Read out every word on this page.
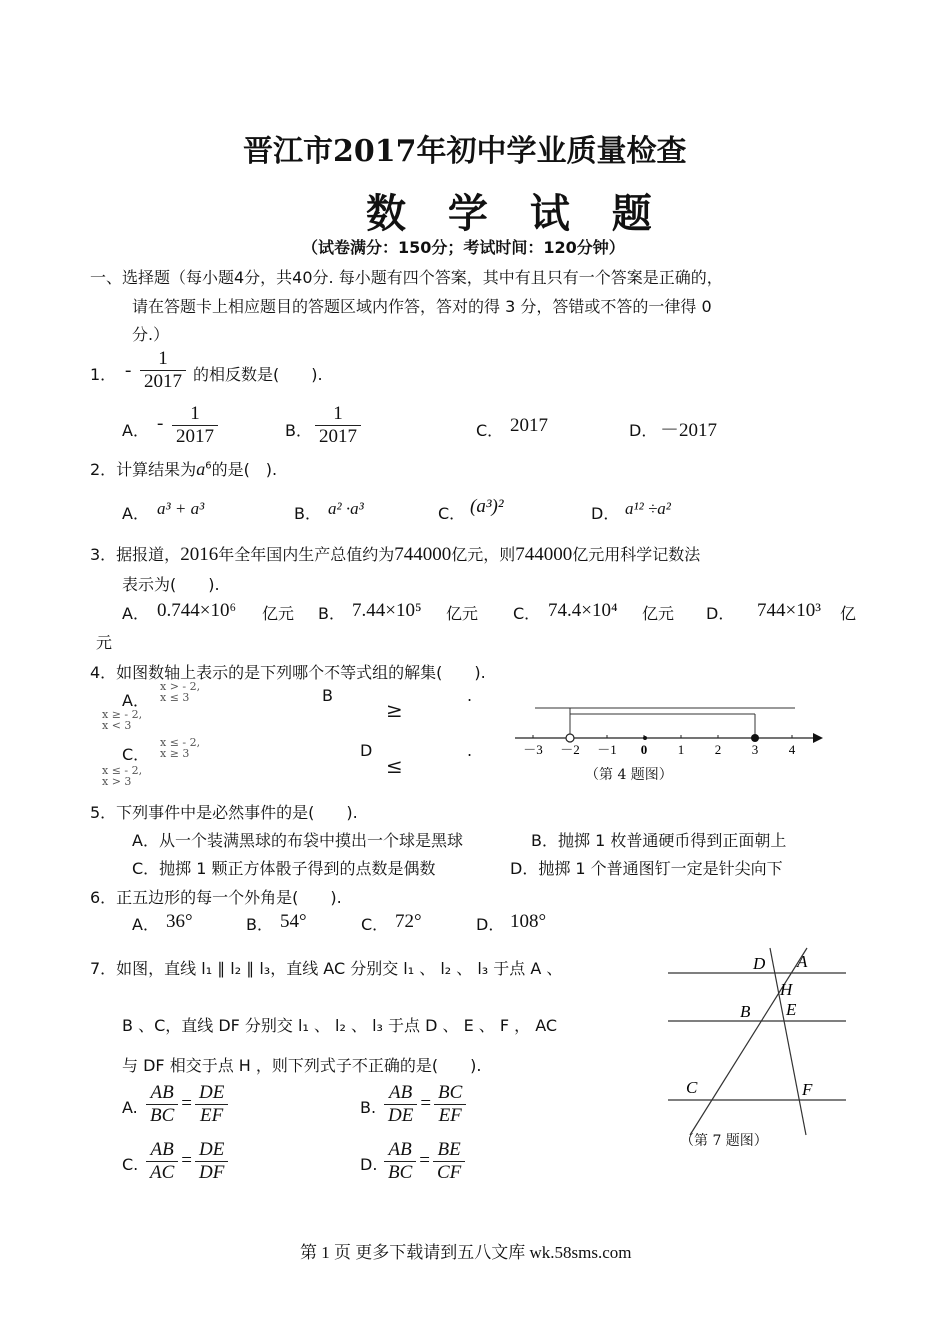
晋江市2017年初中学业质量检查
数 学 试 题
（试卷满分：150分；考试时间：120分钟）
一、选择题（每小题4分，共40分. 每小题有四个答案，其中有且只有一个答案是正确的，
请在答题卡上相应题目的答题区域内作答，答对的得 3 分，答错或不答的一律得 0
分.）
1． - $\frac{1}{2017}$ 的相反数是(　　).
A． - $\frac{1}{2017}$	B． $\frac{1}{2017}$	C． 2017	D． －2017
2．计算结果为$a^6$的是(　).
A． a³ + a³	B． a² ·a³	C． (a³)²	D． a¹² ÷a²
3．据报道，2016年全年国内生产总值约为744000亿元，则744000亿元用科学记数法
表示为(　　).
A． 0.744×10⁶ 亿元 B． 7.44×10⁵ 亿元 C． 74.4×10⁴ 亿元 D． 744×10³ 亿
元
4．如图数轴上表示的是下列哪个不等式组的解集(　　).
A．
x > - 2,
x ≤ 3	B	.
x ≥ - 2,
x < 3
≥
C．
x ≤ - 2,
x ≥ 3	D	.
≤
x ≤ - 2,
x > 3
－3 －2 －1 0 1 2 3 4
（第 4 题图）
5．下列事件中是必然事件的是(　　).
A．从一个装满黑球的布袋中摸出一个球是黑球	B．抛掷 1 枚普通硬币得到正面朝上
C．抛掷 1 颗正方体骰子得到的点数是偶数	D．抛掷 1 个普通图钉一定是针尖向下
6．正五边形的每一个外角是(　　).
A． 36°	B． 54°	C． 72°	D． 108°
7．如图，直线 l₁ ∥ l₂ ∥ l₃，直线 AC 分别交 l₁ 、 l₂ 、 l₃ 于点 A 、
B 、C，直线 DF 分别交 l₁ 、 l₂ 、 l₃ 于点 D 、 E 、 F ， AC
与 DF 相交于点 H ，则下列式子不正确的是(　　).
A. $\frac{AB}{BC} = \frac{DE}{EF}$	B. $\frac{AB}{DE} = \frac{BC}{EF}$
C. $\frac{AB}{AC} = \frac{DE}{DF}$	D. $\frac{AB}{BC} = \frac{BE}{CF}$
D A
H
B E
C	F
（第 7 题图）
第 1 页 更多下载请到五八文库 wk.58sms.com
